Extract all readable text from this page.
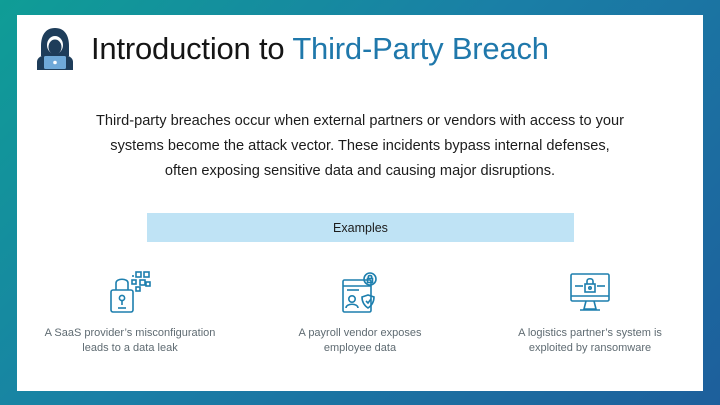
Introduction to Third-Party Breach
Third-party breaches occur when external partners or vendors with access to your
systems become the attack vector. These incidents bypass internal defenses,
often exposing sensitive data and causing major disruptions.
Examples
A SaaS provider’s misconfiguration
leads to a data leak
A payroll vendor exposes
employee data
A logistics partner’s system is
exploited by ransomware
